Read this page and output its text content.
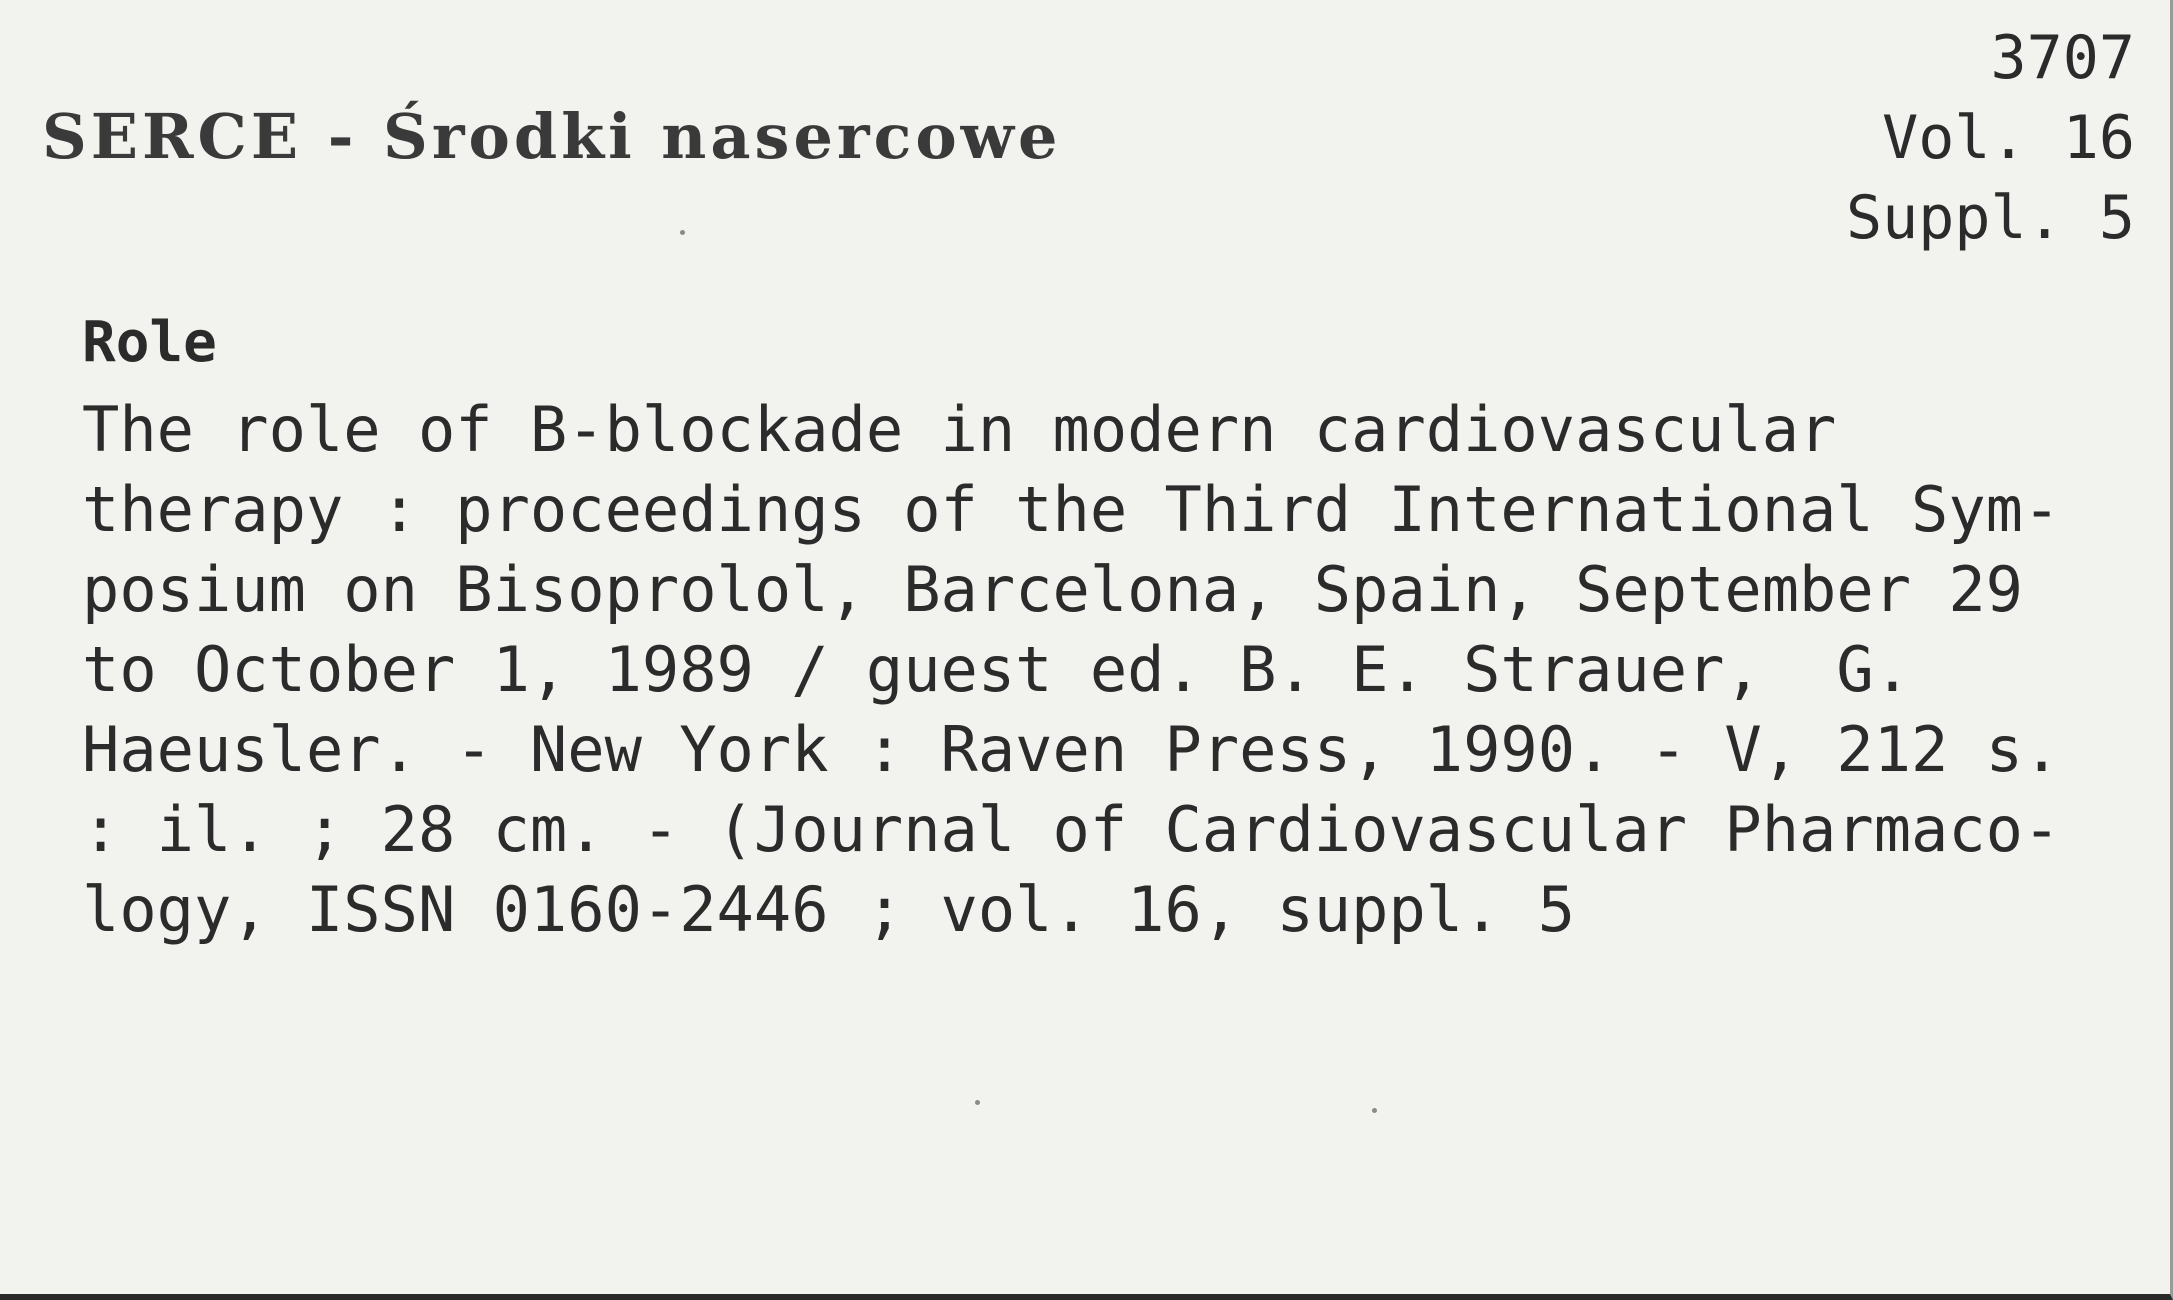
SERCE - Środki nasercowe
3707
Vol. 16
Suppl. 5
Role
The role of B-blockade in modern cardiovascular
therapy : proceedings of the Third International Sym-
posium on Bisoprolol, Barcelona, Spain, September 29
to October 1, 1989 / guest ed. B. E. Strauer,  G.
Haeusler. - New York : Raven Press, 1990. - V, 212 s.
: il. ; 28 cm. - (Journal of Cardiovascular Pharmaco-
logy, ISSN 0160-2446 ; vol. 16, suppl. 5
